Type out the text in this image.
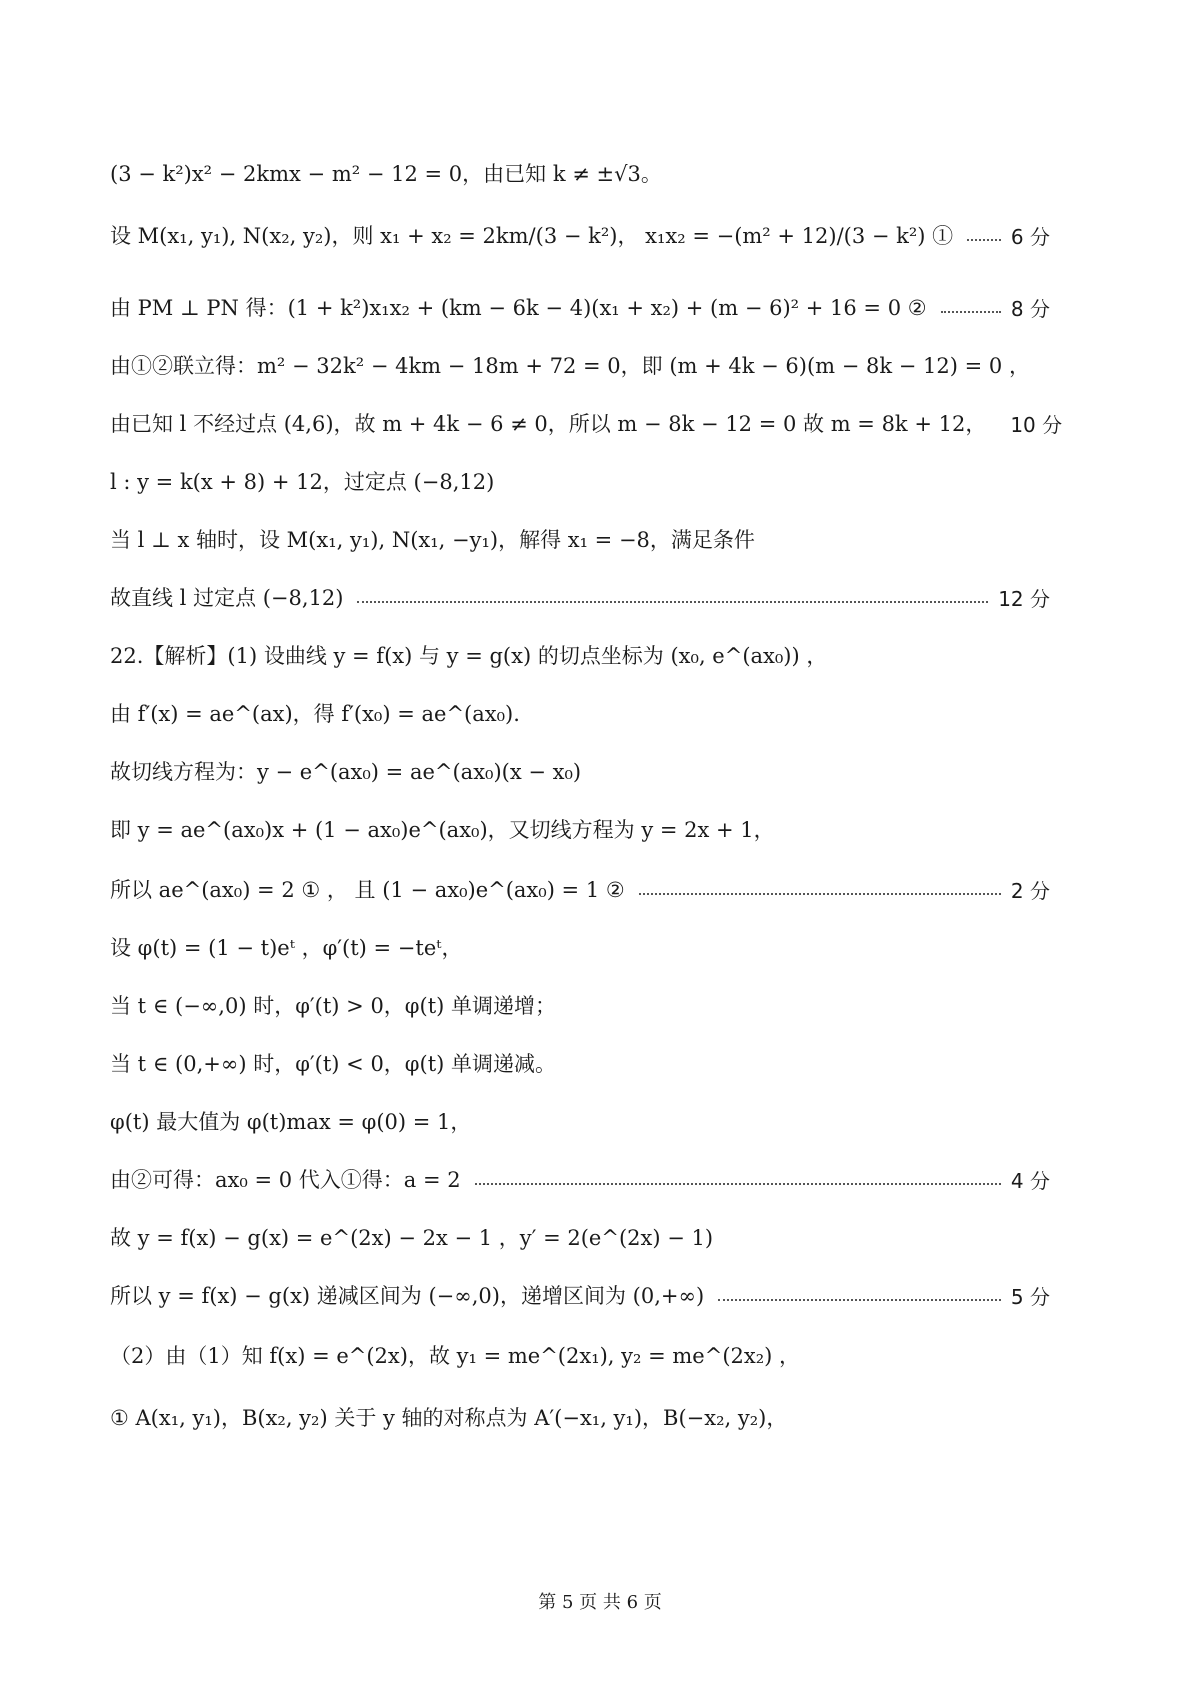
(3 − k²)x² − 2kmx − m² − 12 = 0，由已知 k ≠ ±√3。
设 M(x₁, y₁), N(x₂, y₂)，则 x₁ + x₂ = 2km/(3 − k²)， x₁x₂ = −(m² + 12)/(3 − k²) ①	6 分
由 PM ⊥ PN 得：(1 + k²)x₁x₂ + (km − 6k − 4)(x₁ + x₂) + (m − 6)² + 16 = 0 ②	8 分
由①②联立得：m² − 32k² − 4km − 18m + 72 = 0，即 (m + 4k − 6)(m − 8k − 12) = 0 ，
由已知 l 不经过点 (4,6)，故 m + 4k − 6 ≠ 0，所以 m − 8k − 12 = 0 故 m = 8k + 12， 10 分
l : y = k(x + 8) + 12，过定点 (−8,12)
当 l ⊥ x 轴时，设 M(x₁, y₁), N(x₁, −y₁)，解得 x₁ = −8，满足条件
故直线 l 过定点 (−8,12)	12 分
22.【解析】(1) 设曲线 y = f(x) 与 y = g(x) 的切点坐标为 (x₀, e^(ax₀)) ，
由 f′(x) = ae^(ax)，得 f′(x₀) = ae^(ax₀).
故切线方程为：y − e^(ax₀) = ae^(ax₀)(x − x₀)
即 y = ae^(ax₀)x + (1 − ax₀)e^(ax₀)，又切线方程为 y = 2x + 1，
所以 ae^(ax₀) = 2 ① ， 且 (1 − ax₀)e^(ax₀) = 1 ②	2 分
设 φ(t) = (1 − t)eᵗ ，φ′(t) = −teᵗ，
当 t ∈ (−∞,0) 时，φ′(t) > 0，φ(t) 单调递增；
当 t ∈ (0,+∞) 时，φ′(t) < 0，φ(t) 单调递减。
φ(t) 最大值为 φ(t)max = φ(0) = 1，
由②可得：ax₀ = 0 代入①得：a = 2	4 分
故 y = f(x) − g(x) = e^(2x) − 2x − 1 ，y′ = 2(e^(2x) − 1)
所以 y = f(x) − g(x) 递减区间为 (−∞,0)，递增区间为 (0,+∞)	5 分
（2）由（1）知 f(x) = e^(2x)，故 y₁ = me^(2x₁), y₂ = me^(2x₂) ，
① A(x₁, y₁)，B(x₂, y₂) 关于 y 轴的对称点为 A′(−x₁, y₁)，B(−x₂, y₂)，
第 5 页 共 6 页
